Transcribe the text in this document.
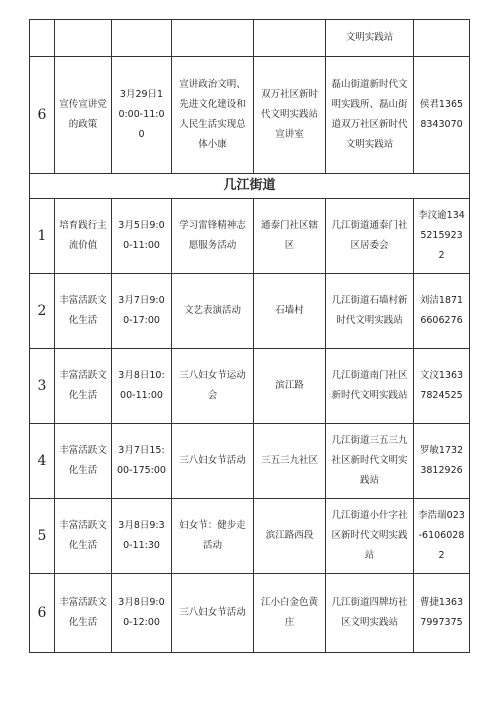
					文明实践站	
6	宣传宣讲党的政策	3月29日10:00-11:00	宣讲政治文明、先进文化建设和人民生活实现总体小康	双万社区新时代文明实践站宣讲室	磊山街道新时代文明实践所、磊山街道双万社区新时代文明实践站	侯君13658343070
几江街道						
1	培育践行主流价值	3月5日9:00-11:00	学习雷锋精神志愿服务活动	通泰门社区辖区	几江街道通泰门社区居委会	李汶逾13452159232
2	丰富活跃文化生活	3月7日9:00-17:00	文艺表演活动	石墙村	几江街道石墙村新时代文明实践站	刘洁18716606276
3	丰富活跃文化生活	3月8日10:00-11:00	三八妇女节运动会	滨江路	几江街道南门社区新时代文明实践站	文汶13637824525
4	丰富活跃文化生活	3月7日15:00-175:00	三八妇女节活动	三五三九社区	几江街道三五三九社区新时代文明实践站	罗敏17323812926
5	丰富活跃文化生活	3月8日9:30-11:30	妇女节：健步走活动	滨江路西段	几江街道小什字社区新时代文明实践站	李浩瑞023-61060282
6	丰富活跃文化生活	3月8日9:00-12:00	三八妇女节活动	江小白金色黄庄	几江街道四牌坊社区文明实践站	曹捷13637997375
